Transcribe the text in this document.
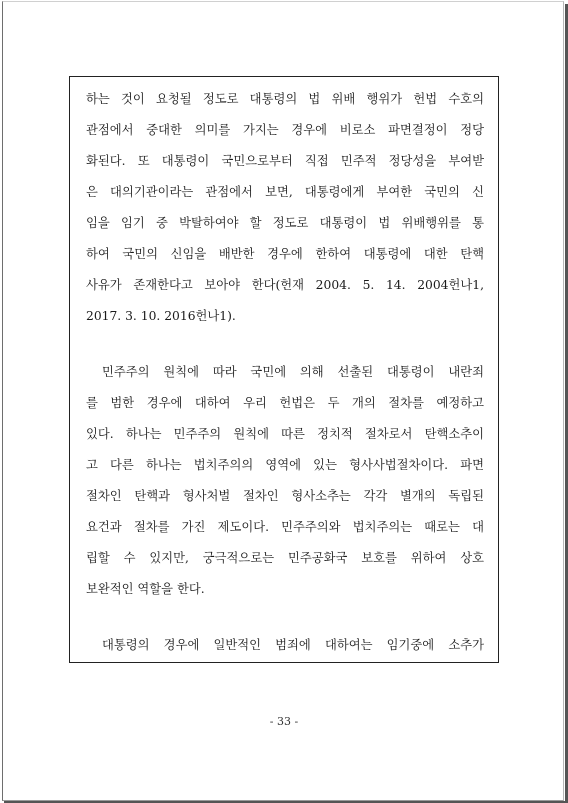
하는 것이 요청될 정도로 대통령의 법 위배 행위가 헌법 수호의
관점에서 중대한 의미를 가지는 경우에 비로소 파면결정이 정당
화된다. 또 대통령이 국민으로부터 직접 민주적 정당성을 부여받
은 대의기관이라는 관점에서 보면, 대통령에게 부여한 국민의 신
임을 임기 중 박탈하여야 할 정도로 대통령이 법 위배행위를 통
하여 국민의 신임을 배반한 경우에 한하여 대통령에 대한 탄핵
사유가 존재한다고 보아야 한다(헌재 2004. 5. 14. 2004헌나1,
2017. 3. 10. 2016헌나1).
민주주의 원칙에 따라 국민에 의해 선출된 대통령이 내란죄
를 범한 경우에 대하여 우리 헌법은 두 개의 절차를 예정하고
있다. 하나는 민주주의 원칙에 따른 정치적 절차로서 탄핵소추이
고 다른 하나는 법치주의의 영역에 있는 형사사법절차이다. 파면
절차인 탄핵과 형사처벌 절차인 형사소추는 각각 별개의 독립된
요건과 절차를 가진 제도이다. 민주주의와 법치주의는 때로는 대
립할 수 있지만, 궁극적으로는 민주공화국 보호를 위하여 상호
보완적인 역할을 한다.
대통령의 경우에 일반적인 범죄에 대하여는 임기중에 소추가
- 33 -
